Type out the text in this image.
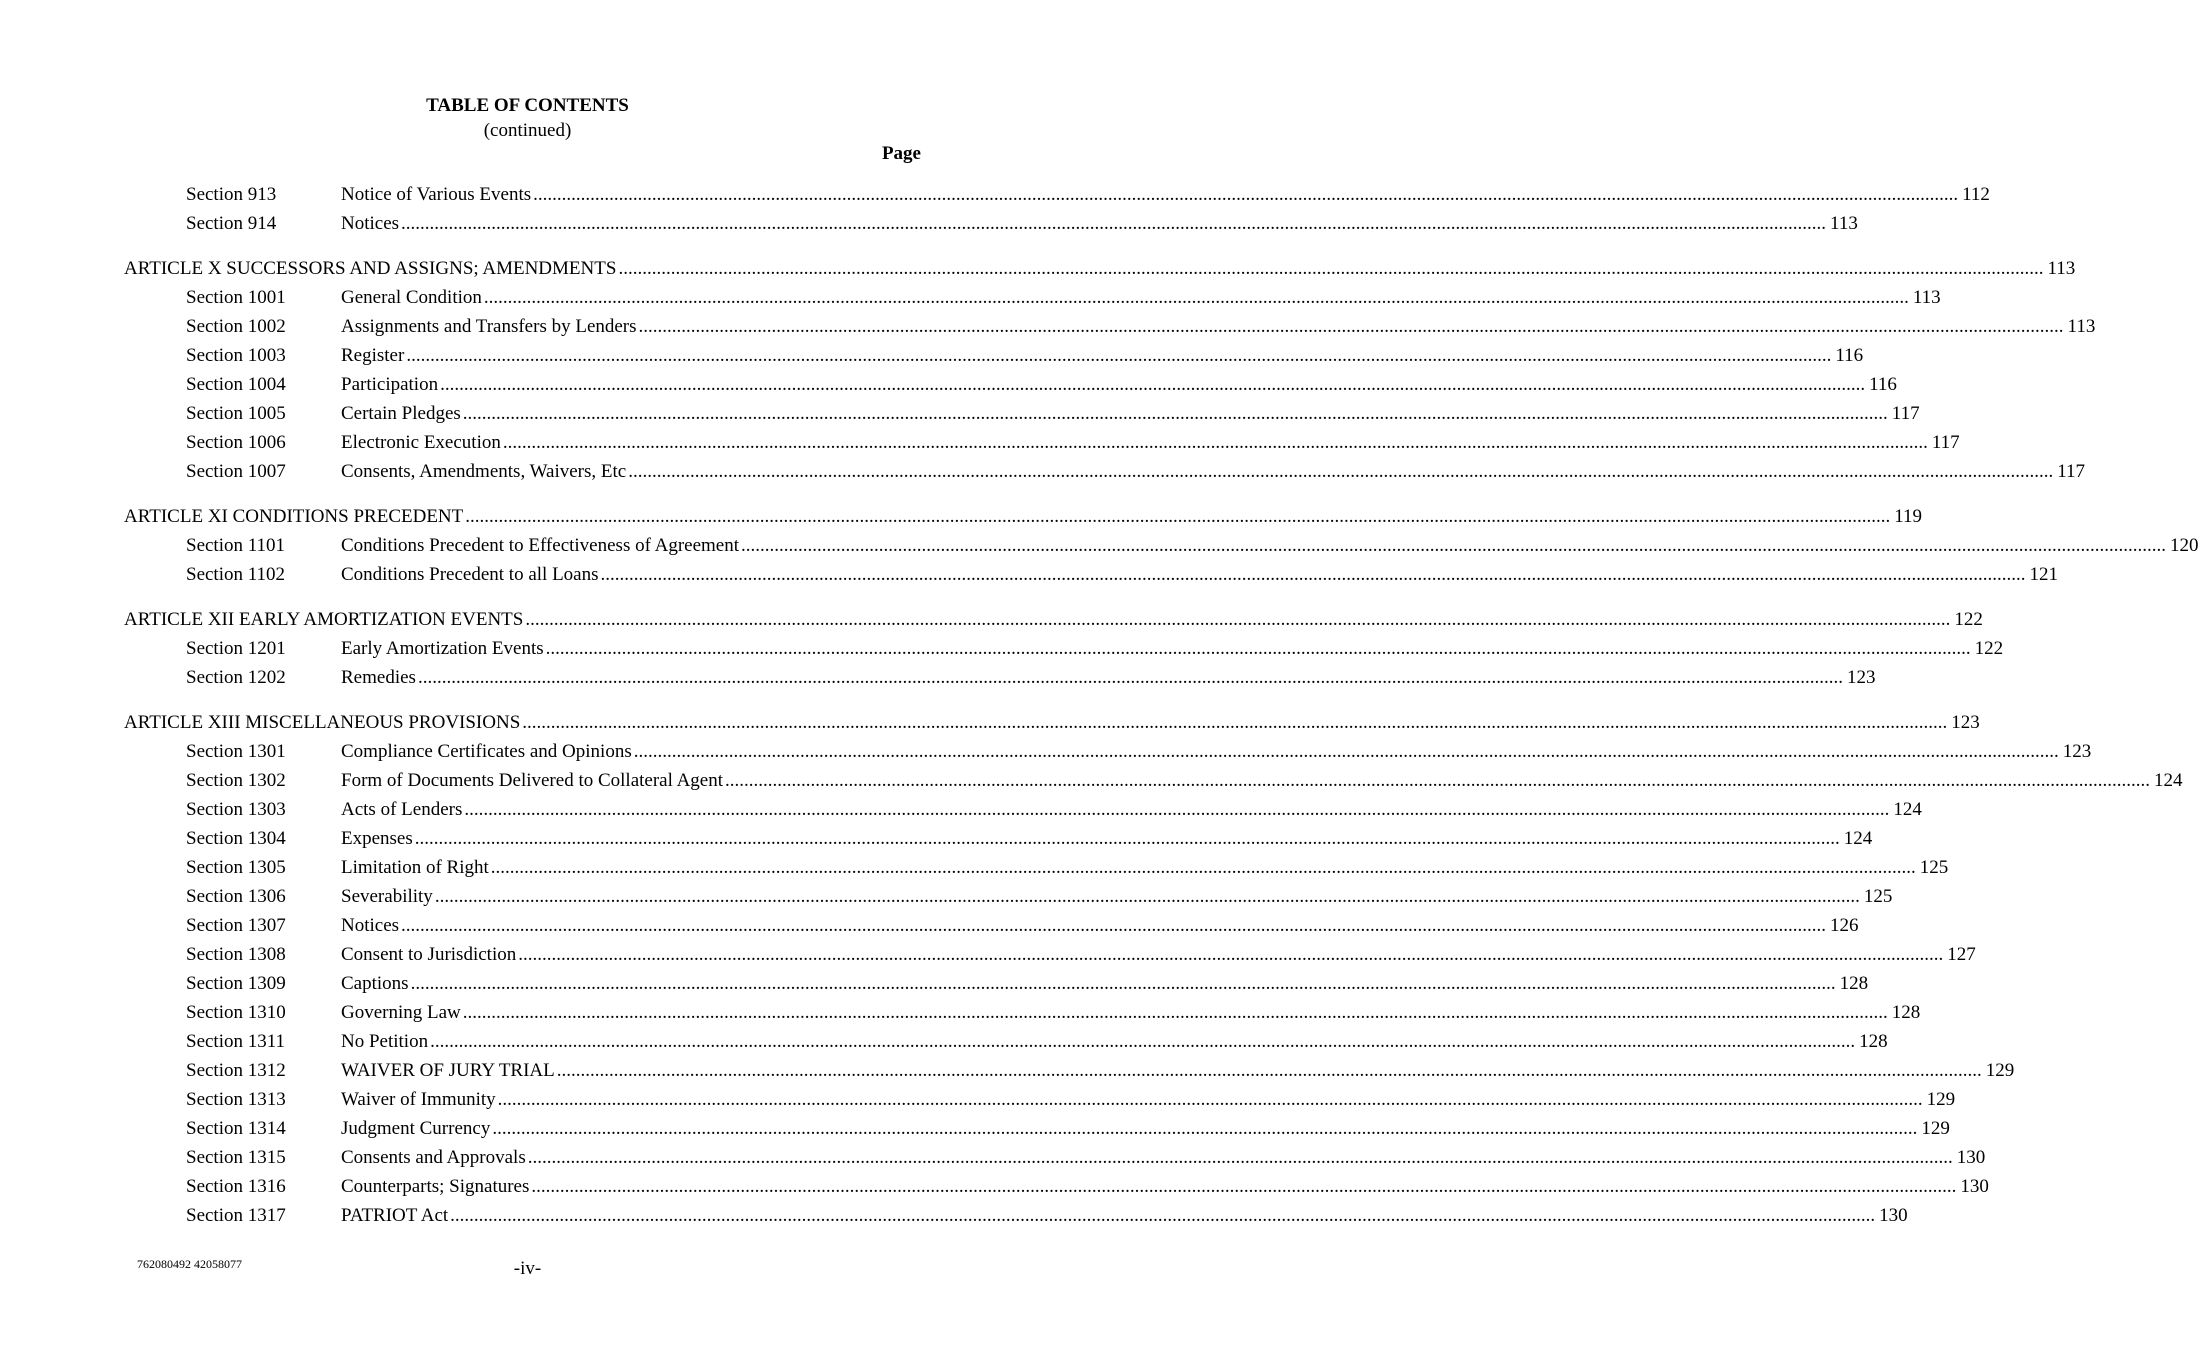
TABLE OF CONTENTS
(continued)
Page
Section 913	Notice of Various Events ............................................................................................................................................................................................................................................................................................................ 112
Section 914	Notices ............................................................................................................................................................................................................................................................................................................ 113
ARTICLE X SUCCESSORS AND ASSIGNS; AMENDMENTS ............................................................................................................................................................................................................................................................................................................ 113
Section 1001	General Condition ............................................................................................................................................................................................................................................................................................................ 113
Section 1002	Assignments and Transfers by Lenders ............................................................................................................................................................................................................................................................................................................ 113
Section 1003	Register ............................................................................................................................................................................................................................................................................................................ 116
Section 1004	Participation ............................................................................................................................................................................................................................................................................................................ 116
Section 1005	Certain Pledges ............................................................................................................................................................................................................................................................................................................ 117
Section 1006	Electronic Execution ............................................................................................................................................................................................................................................................................................................ 117
Section 1007	Consents, Amendments, Waivers, Etc ............................................................................................................................................................................................................................................................................................................ 117
ARTICLE XI CONDITIONS PRECEDENT ............................................................................................................................................................................................................................................................................................................ 119
Section 1101	Conditions Precedent to Effectiveness of Agreement ............................................................................................................................................................................................................................................................................................................ 120
Section 1102	Conditions Precedent to all Loans ............................................................................................................................................................................................................................................................................................................ 121
ARTICLE XII EARLY AMORTIZATION EVENTS ............................................................................................................................................................................................................................................................................................................ 122
Section 1201	Early Amortization Events ............................................................................................................................................................................................................................................................................................................ 122
Section 1202	Remedies ............................................................................................................................................................................................................................................................................................................ 123
ARTICLE XIII MISCELLANEOUS PROVISIONS ............................................................................................................................................................................................................................................................................................................ 123
Section 1301	Compliance Certificates and Opinions ............................................................................................................................................................................................................................................................................................................ 123
Section 1302	Form of Documents Delivered to Collateral Agent ............................................................................................................................................................................................................................................................................................................ 124
Section 1303	Acts of Lenders ............................................................................................................................................................................................................................................................................................................ 124
Section 1304	Expenses ............................................................................................................................................................................................................................................................................................................ 124
Section 1305	Limitation of Right ............................................................................................................................................................................................................................................................................................................ 125
Section 1306	Severability ............................................................................................................................................................................................................................................................................................................ 125
Section 1307	Notices ............................................................................................................................................................................................................................................................................................................ 126
Section 1308	Consent to Jurisdiction ............................................................................................................................................................................................................................................................................................................ 127
Section 1309	Captions ............................................................................................................................................................................................................................................................................................................ 128
Section 1310	Governing Law ............................................................................................................................................................................................................................................................................................................ 128
Section 1311	No Petition ............................................................................................................................................................................................................................................................................................................ 128
Section 1312	WAIVER OF JURY TRIAL ............................................................................................................................................................................................................................................................................................................ 129
Section 1313	Waiver of Immunity ............................................................................................................................................................................................................................................................................................................ 129
Section 1314	Judgment Currency ............................................................................................................................................................................................................................................................................................................ 129
Section 1315	Consents and Approvals ............................................................................................................................................................................................................................................................................................................ 130
Section 1316	Counterparts; Signatures ............................................................................................................................................................................................................................................................................................................ 130
Section 1317	PATRIOT Act ............................................................................................................................................................................................................................................................................................................ 130
762080492 42058077	-iv-
